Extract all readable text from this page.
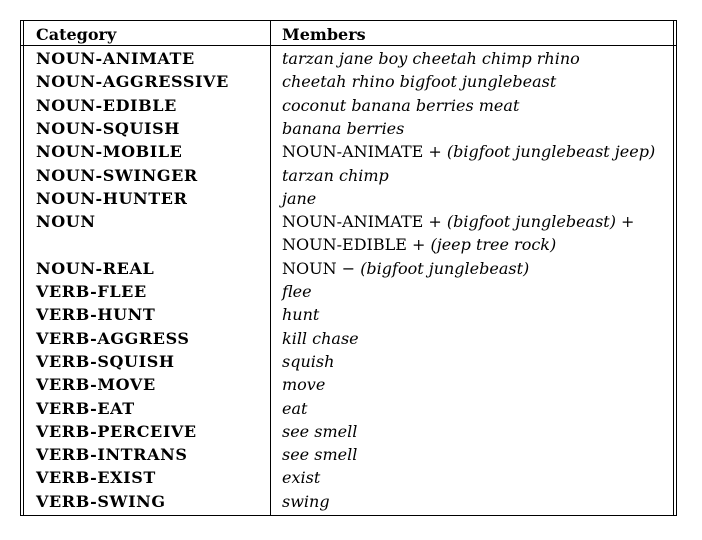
Category
NOUN-ANIMATE
NOUN-AGGRESSIVE
NOUN-EDIBLE
NOUN-SQUISH
NOUN-MOBILE
NOUN-SWINGER
NOUN-HUNTER
NOUN
NOUN-REAL
VERB-FLEE
VERB-HUNT
VERB-AGGRESS
VERB-SQUISH
VERB-MOVE
VERB-EAT
VERB-PERCEIVE
VERB-INTRANS
VERB-EXIST
VERB-SWING
Members
tarzan jane boy cheetah chimp rhino
cheetah rhino bigfoot junglebeast
coconut banana berries meat
banana berries
NOUN-ANIMATE + (bigfoot junglebeast jeep)
tarzan chimp
jane
NOUN-ANIMATE + (bigfoot junglebeast) +
NOUN-EDIBLE + (jeep tree rock)
NOUN − (bigfoot junglebeast)
flee
hunt
kill chase
squish
move
eat
see smell
see smell
exist
swing
